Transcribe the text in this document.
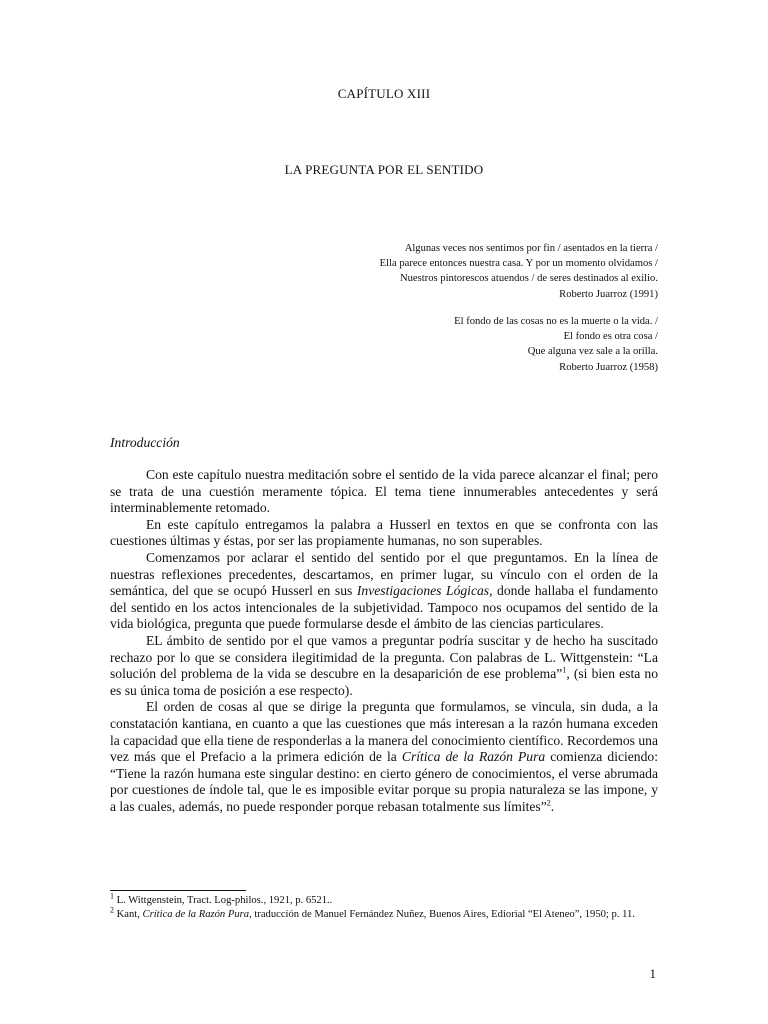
CAPÍTULO XIII
LA PREGUNTA POR EL SENTIDO
Algunas veces nos sentimos por fin / asentados en la tierra /
Ella parece entonces nuestra casa. Y por un momento olvidamos /
Nuestros pintorescos atuendos / de seres destinados al exilio.
Roberto Juarroz (1991)
El fondo de las cosas no es la muerte o la vida. /
El fondo es otra cosa /
Que alguna vez sale a la orilla.
Roberto Juarroz (1958)
Introducción

Con este capítulo nuestra meditación sobre el sentido de la vida parece alcanzar el final; pero se trata de una cuestión meramente tópica. El tema tiene innumerables antecedentes y será interminablemente retomado.

En este capítulo entregamos la palabra a Husserl en textos en que se confronta con las cuestiones últimas y éstas, por ser las propiamente humanas, no son superables.

Comenzamos por aclarar el sentido del sentido por el que preguntamos. En la línea de nuestras reflexiones precedentes, descartamos, en primer lugar, su vínculo con el orden de la semántica, del que se ocupó Husserl en sus Investigaciones Lógicas, donde hallaba el fundamento del sentido en los actos intencionales de la subjetividad. Tampoco nos ocupamos del sentido de la vida biológica, pregunta que puede formularse desde el ámbito de las ciencias particulares.

EL ámbito de sentido por el que vamos a preguntar podría suscitar y de hecho ha suscitado rechazo por lo que se considera ilegitimidad de la pregunta. Con palabras de L. Wittgenstein: “La solución del problema de la vida se descubre en la desaparición de ese problema”$^1$, (si bien esta no es su única toma de posición a ese respecto).

El orden de cosas al que se dirige la pregunta que formulamos, se vincula, sin duda, a la constatación kantiana, en cuanto a que las cuestiones que más interesan a la razón humana exceden la capacidad que ella tiene de responderlas a la manera del conocimiento científico. Recordemos una vez más que el Prefacio a la primera edición de la Crítica de la Razón Pura comienza diciendo: “Tiene la razón humana este singular destino: en cierto género de conocimientos, el verse abrumada por cuestiones de índole tal, que le es imposible evitar porque su propia naturaleza se las impone, y a las cuales, además, no puede responder porque rebasan totalmente sus límites”$^2$.

$^1$ L. Wittgenstein, Tract. Log-philos., 1921, p. 6521..

$^2$ Kant, Crítica de la Razón Pura, traducción de Manuel Fernández Nuñez, Buenos Aires, Ediorial “El Ateneo”, 1950; p. 11.

1
